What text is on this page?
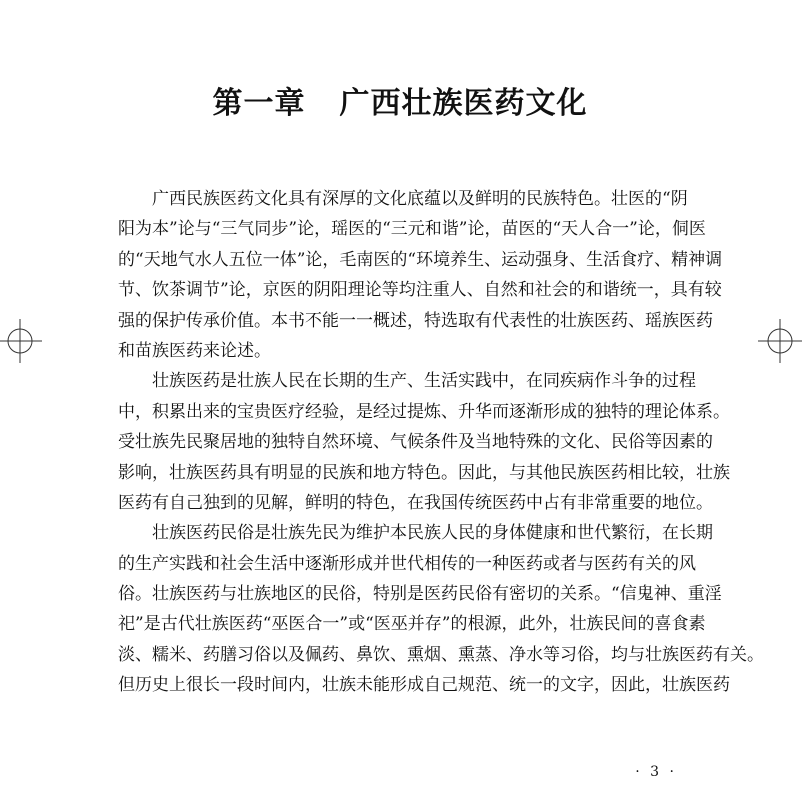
第一章 广西壮族医药文化
广西民族医药文化具有深厚的文化底蕴以及鲜明的民族特色。壮医的“阴
阳为本”论与“三气同步”论，瑶医的“三元和谐”论，苗医的“天人合一”论，侗医
的“天地气水人五位一体”论，毛南医的“环境养生、运动强身、生活食疗、精神调
节、饮茶调节”论，京医的阴阳理论等均注重人、自然和社会的和谐统一，具有较
强的保护传承价值。本书不能一一概述，特选取有代表性的壮族医药、瑶族医药
和苗族医药来论述。
壮族医药是壮族人民在长期的生产、生活实践中，在同疾病作斗争的过程
中，积累出来的宝贵医疗经验，是经过提炼、升华而逐渐形成的独特的理论体系。
受壮族先民聚居地的独特自然环境、气候条件及当地特殊的文化、民俗等因素的
影响，壮族医药具有明显的民族和地方特色。因此，与其他民族医药相比较，壮族
医药有自己独到的见解，鲜明的特色，在我国传统医药中占有非常重要的地位。
壮族医药民俗是壮族先民为维护本民族人民的身体健康和世代繁衍，在长期
的生产实践和社会生活中逐渐形成并世代相传的一种医药或者与医药有关的风
俗。壮族医药与壮族地区的民俗，特别是医药民俗有密切的关系。“信鬼神、重淫
祀”是古代壮族医药“巫医合一”或“医巫并存”的根源，此外，壮族民间的喜食素
淡、糯米、药膳习俗以及佩药、鼻饮、熏烟、熏蒸、净水等习俗，均与壮族医药有关。
但历史上很长一段时间内，壮族未能形成自己规范、统一的文字，因此，壮族医药
· 3 ·
